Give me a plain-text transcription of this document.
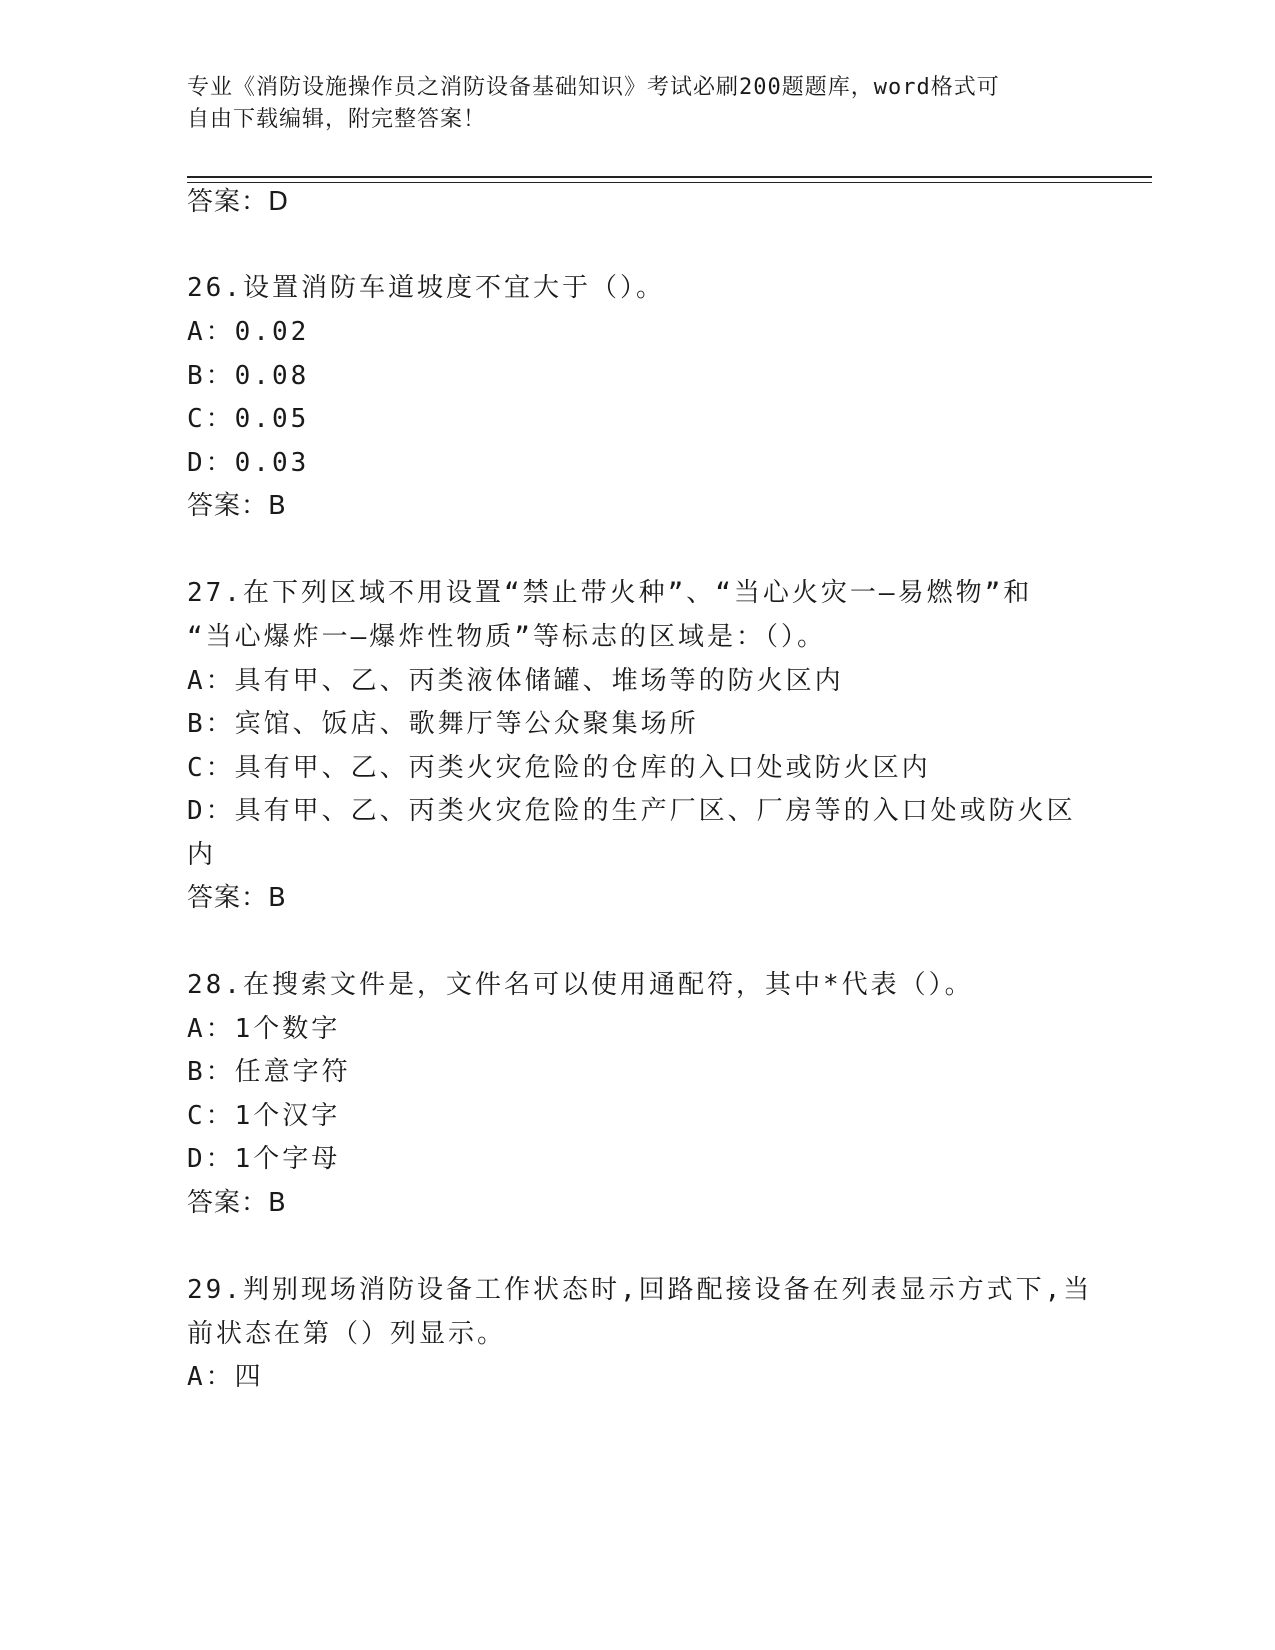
专业《消防设施操作员之消防设备基础知识》考试必刷200题题库，word格式可
自由下载编辑，附完整答案！
答案：D
26.设置消防车道坡度不宜大于（）。
A：0.02
B：0.08
C：0.05
D：0.03
答案：B
27.在下列区域不用设置“禁止带火种”、“当心火灾一—易燃物”和
“当心爆炸一—爆炸性物质”等标志的区域是：（）。
A：具有甲、乙、丙类液体储罐、堆场等的防火区内
B：宾馆、饭店、歌舞厅等公众聚集场所
C：具有甲、乙、丙类火灾危险的仓库的入口处或防火区内
D：具有甲、乙、丙类火灾危险的生产厂区、厂房等的入口处或防火区
内
答案：B
28.在搜索文件是，文件名可以使用通配符，其中*代表（）。
A：1个数字
B：任意字符
C：1个汉字
D：1个字母
答案：B
29.判别现场消防设备工作状态时,回路配接设备在列表显示方式下,当
前状态在第（）列显示。
A：四
